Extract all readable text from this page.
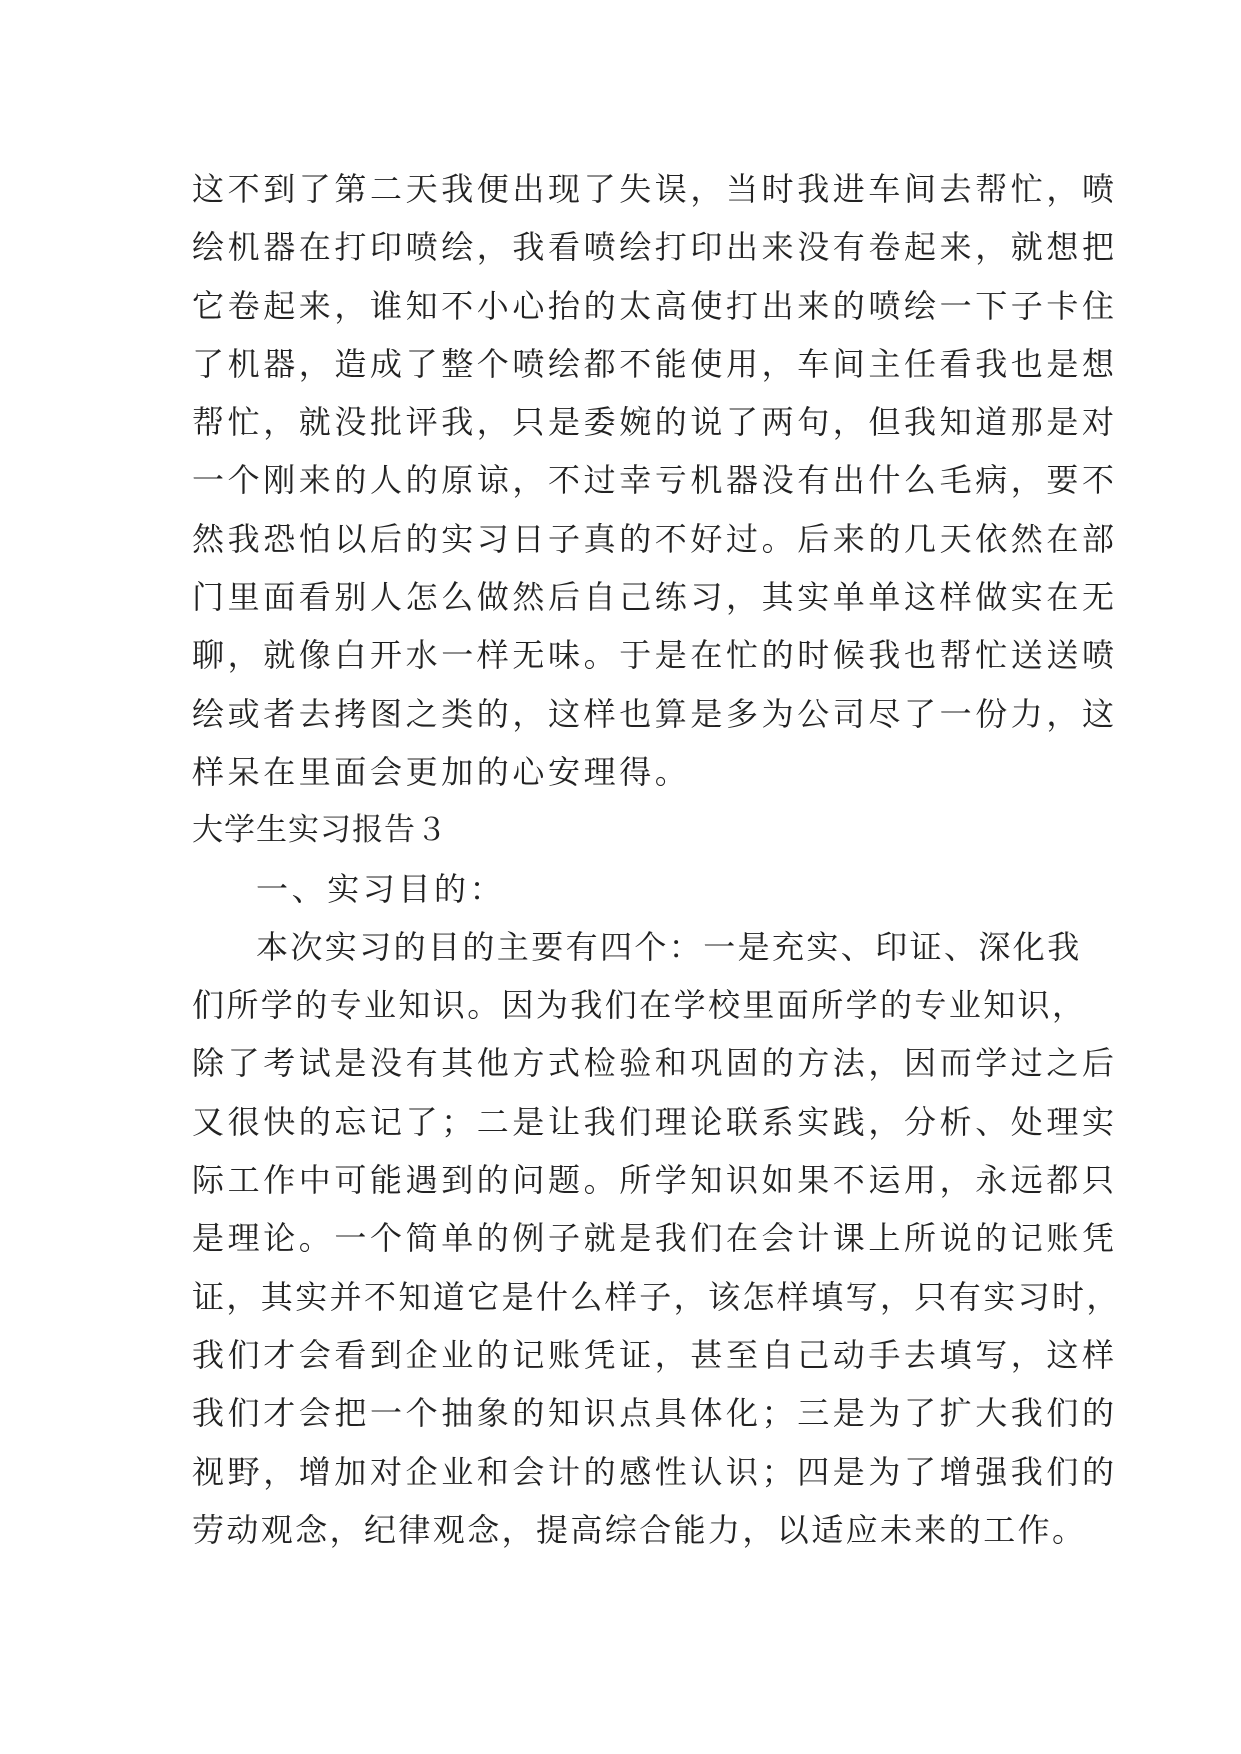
这不到了第二天我便出现了失误，当时我进车间去帮忙，喷
绘机器在打印喷绘，我看喷绘打印出来没有卷起来，就想把
它卷起来，谁知不小心抬的太高使打出来的喷绘一下子卡住
了机器，造成了整个喷绘都不能使用，车间主任看我也是想
帮忙，就没批评我，只是委婉的说了两句，但我知道那是对
一个刚来的人的原谅，不过幸亏机器没有出什么毛病，要不
然我恐怕以后的实习日子真的不好过。后来的几天依然在部
门里面看别人怎么做然后自己练习，其实单单这样做实在无
聊，就像白开水一样无味。于是在忙的时候我也帮忙送送喷
绘或者去拷图之类的，这样也算是多为公司尽了一份力，这
样呆在里面会更加的心安理得。
大学生实习报告３
一、实习目的：
本次实习的目的主要有四个：一是充实、印证、深化我
们所学的专业知识。因为我们在学校里面所学的专业知识，
除了考试是没有其他方式检验和巩固的方法，因而学过之后
又很快的忘记了；二是让我们理论联系实践，分析、处理实
际工作中可能遇到的问题。所学知识如果不运用，永远都只
是理论。一个简单的例子就是我们在会计课上所说的记账凭
证，其实并不知道它是什么样子，该怎样填写，只有实习时，
我们才会看到企业的记账凭证，甚至自己动手去填写，这样
我们才会把一个抽象的知识点具体化；三是为了扩大我们的
视野，增加对企业和会计的感性认识；四是为了增强我们的
劳动观念，纪律观念，提高综合能力，以适应未来的工作。
